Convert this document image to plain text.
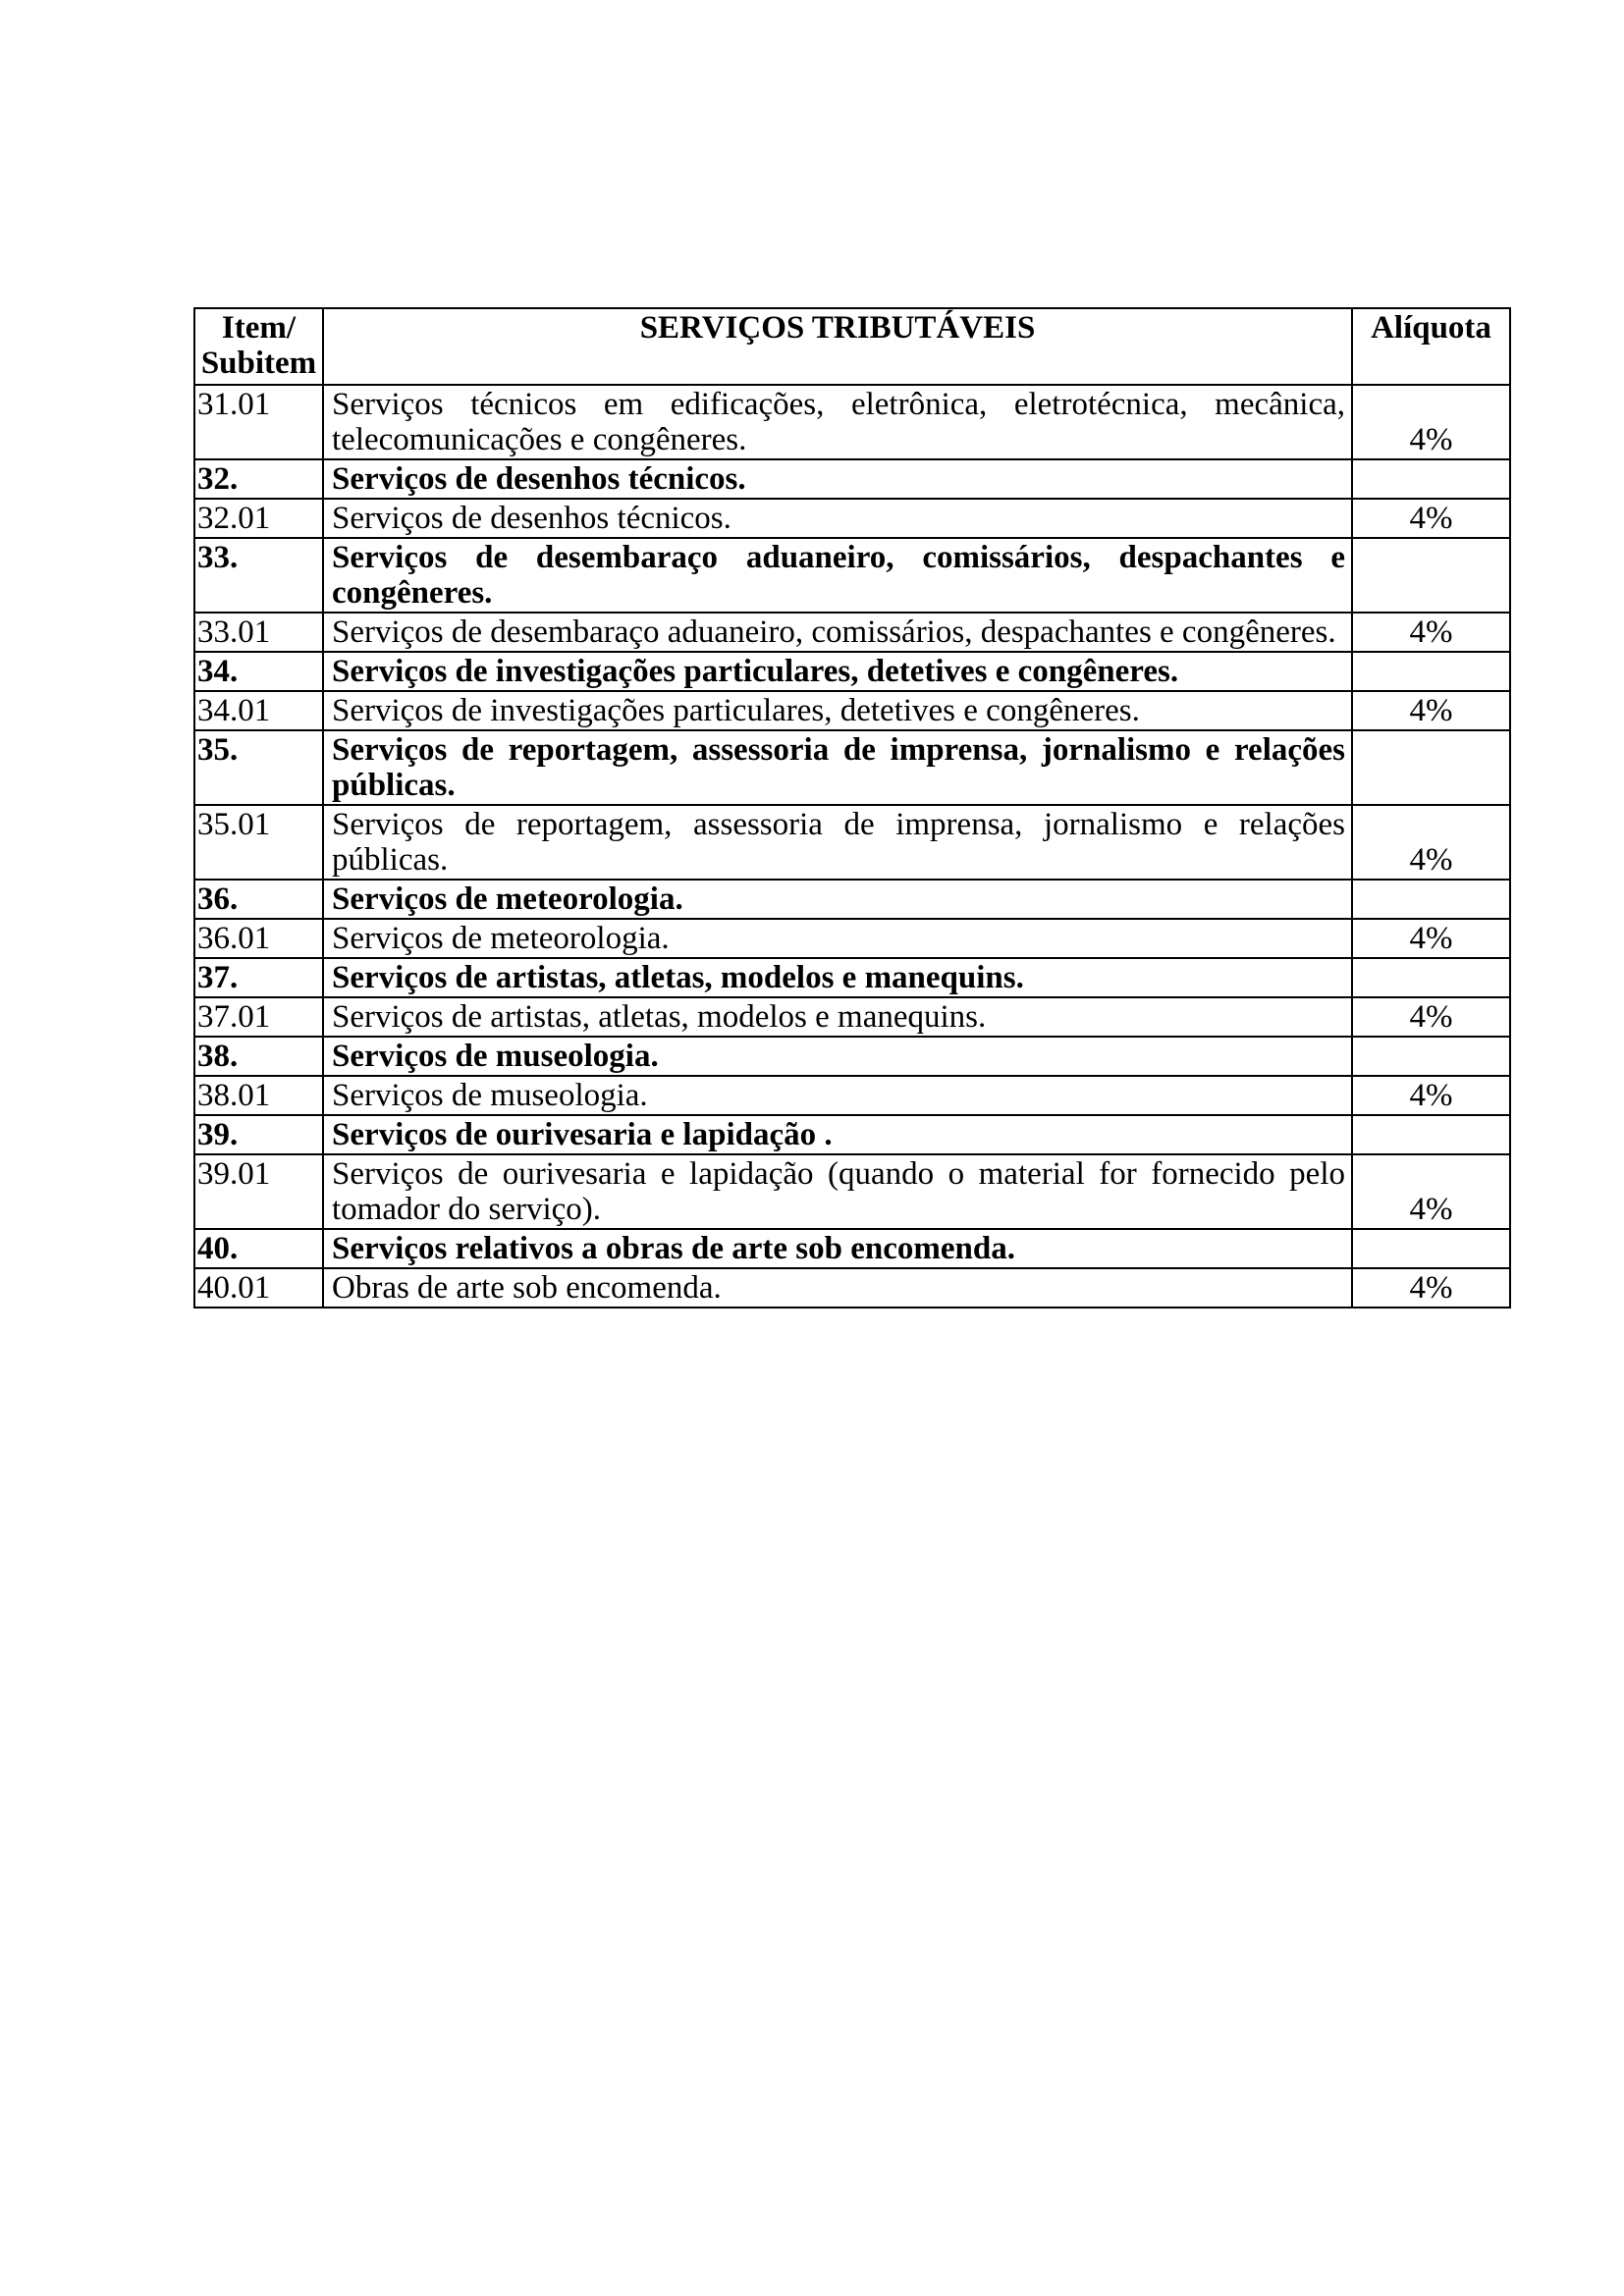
Item/
Subitem	SERVIÇOS TRIBUTÁVEIS	Alíquota
31.01	Serviços técnicos em edificações, eletrônica, eletrotécnica, mecânica, telecomunicações e congêneres.	4%
32.	Serviços de desenhos técnicos.	
32.01	Serviços de desenhos técnicos.	4%
33.	Serviços de desembaraço aduaneiro, comissários, despachantes e congêneres.	
33.01	Serviços de desembaraço aduaneiro, comissários, despachantes e congêneres.	4%
34.	Serviços de investigações particulares, detetives e congêneres.	
34.01	Serviços de investigações particulares, detetives e congêneres.	4%
35.	Serviços de reportagem, assessoria de imprensa, jornalismo e relações públicas.	
35.01	Serviços de reportagem, assessoria de imprensa, jornalismo e relações públicas.	4%
36.	Serviços de meteorologia.	
36.01	Serviços de meteorologia.	4%
37.	Serviços de artistas, atletas, modelos e manequins.	
37.01	Serviços de artistas, atletas, modelos e manequins.	4%
38.	Serviços de museologia.	
38.01	Serviços de museologia.	4%
39.	Serviços de ourivesaria e lapidação .	
39.01	Serviços de ourivesaria e lapidação (quando o material for fornecido pelo tomador do serviço).	4%
40.	Serviços relativos a obras de arte sob encomenda.	
40.01	Obras de arte sob encomenda.	4%
